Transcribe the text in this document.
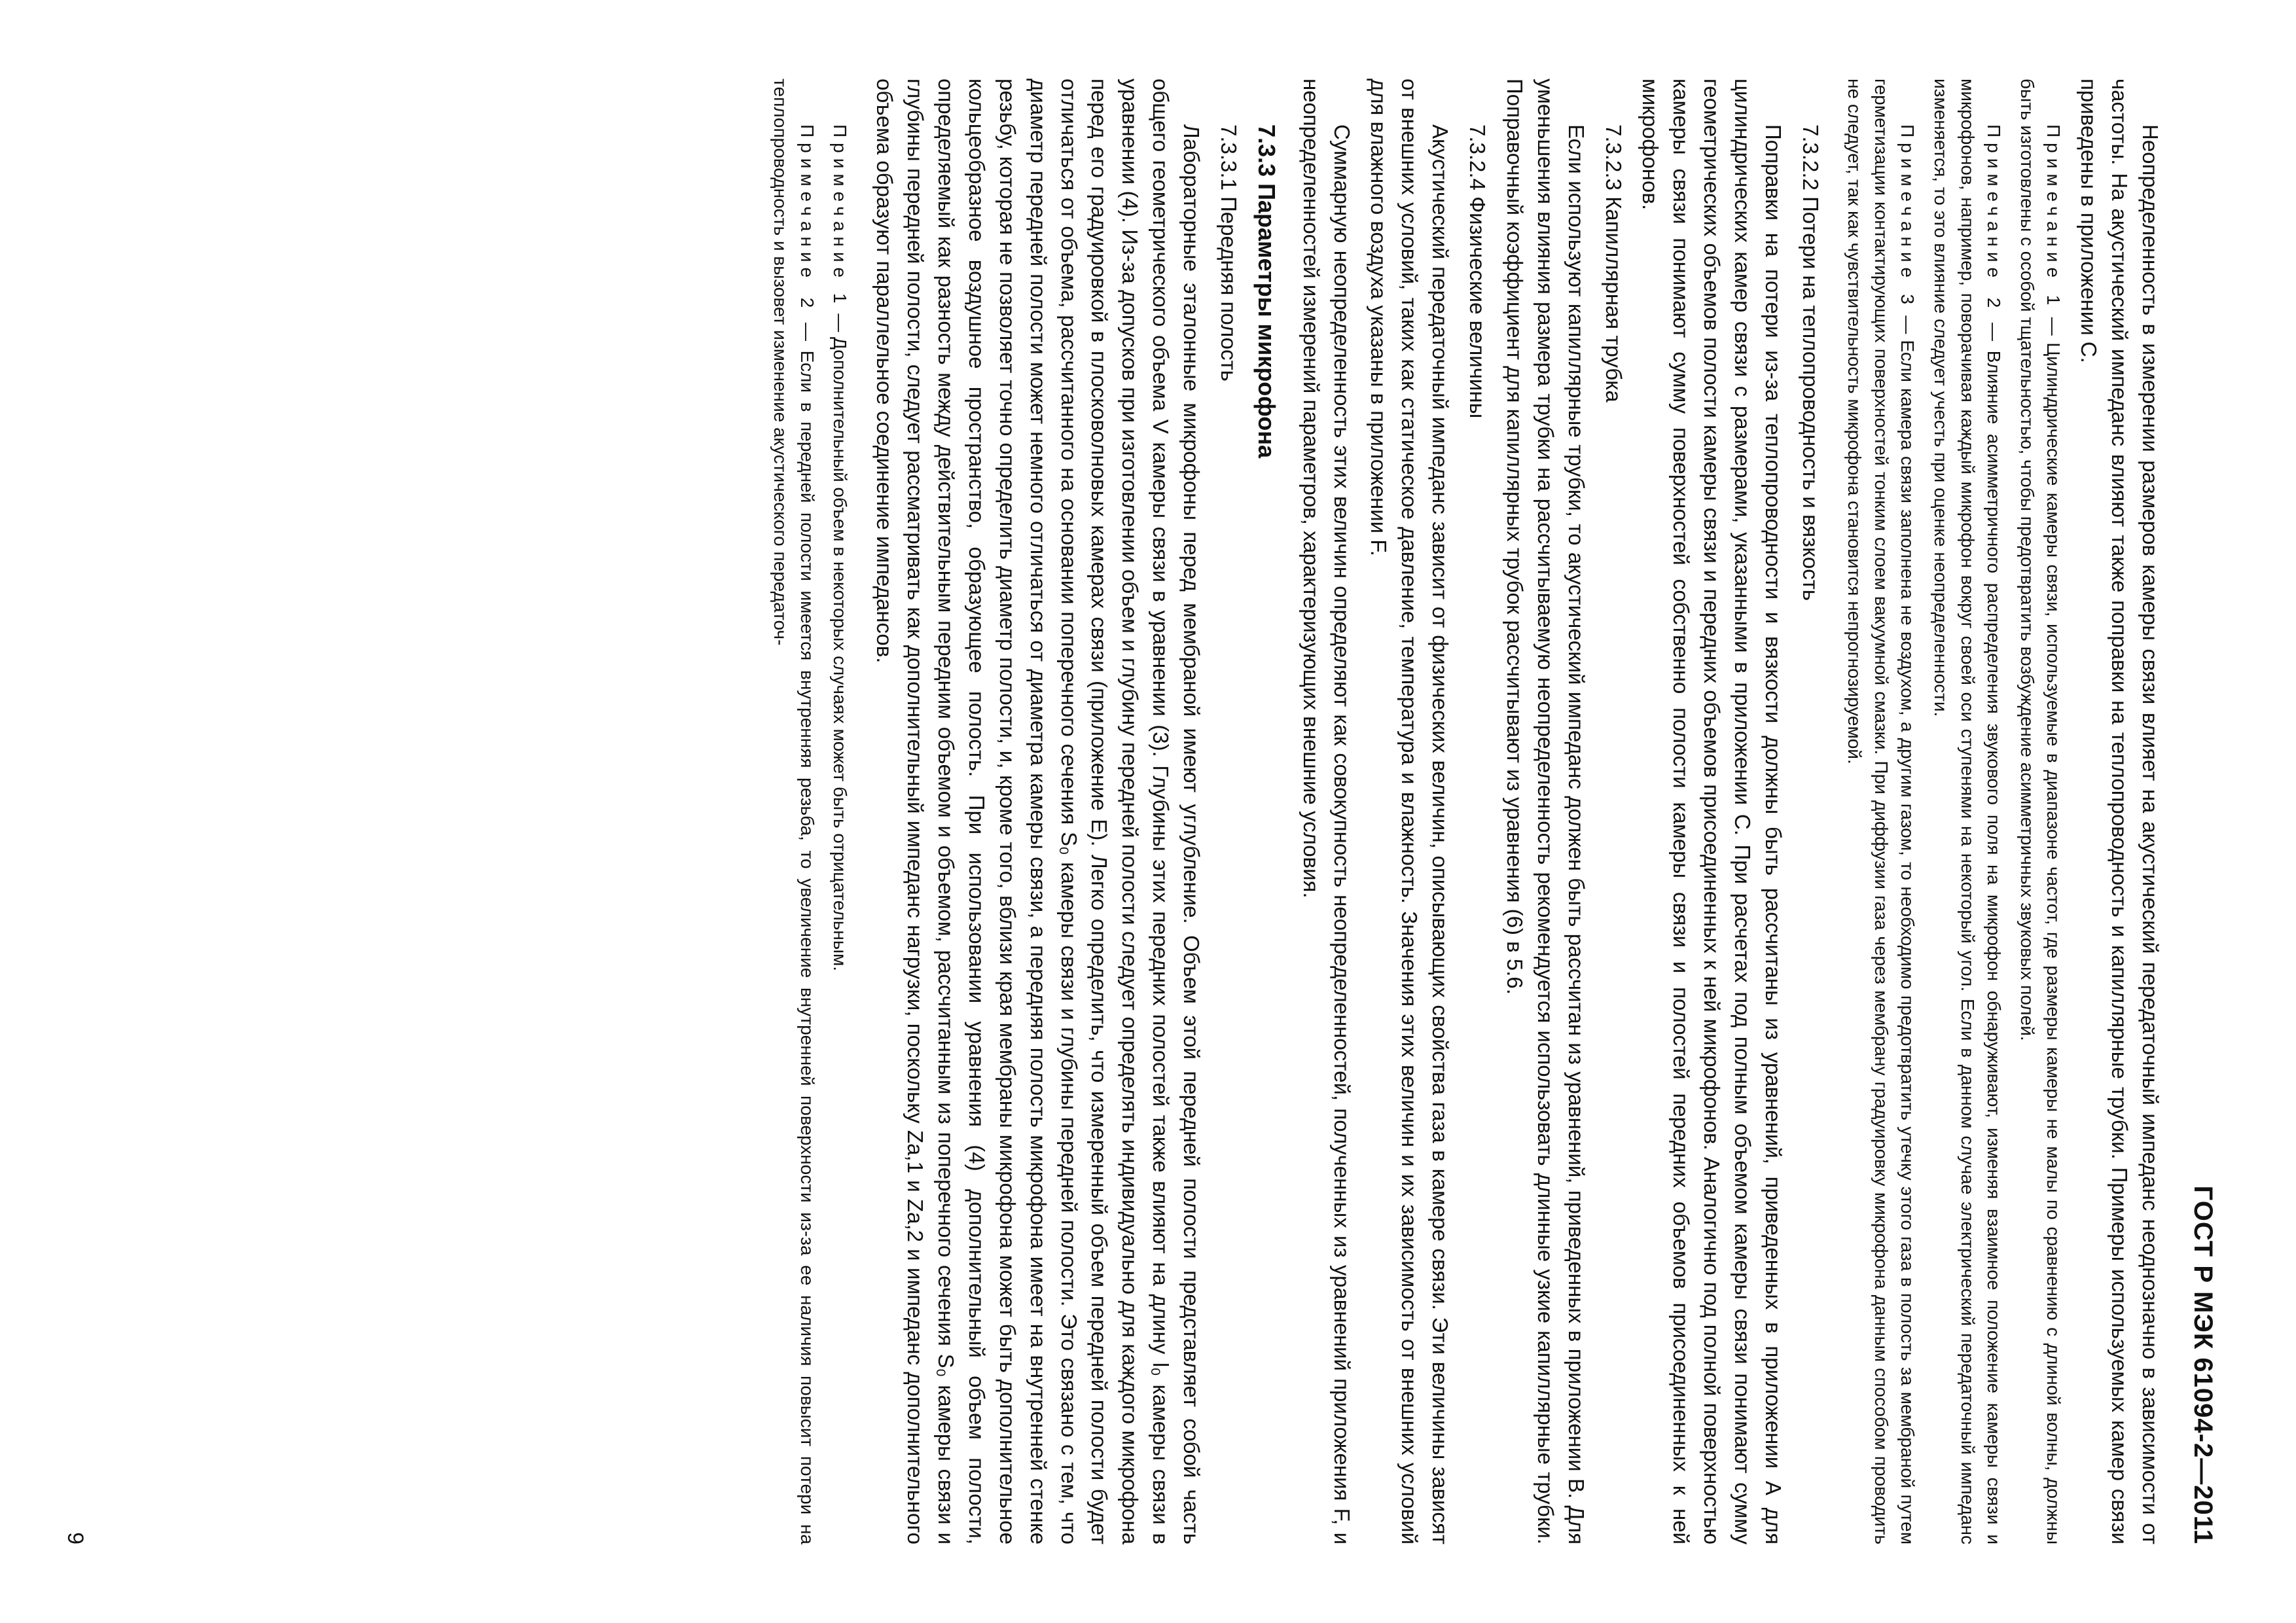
ГОСТ Р МЭК 61094-2—2011

Неопределенность в измерении размеров камеры связи влияет на акустический передаточный импеданс неоднозначно в зависимости от частоты. На акустический импеданс влияют также поправки на теплопроводность и капиллярные трубки. Примеры используемых камер связи приведены в приложении С.

Примечание 1 — Цилиндрические камеры связи, используемые в диапазоне частот, где размеры камеры не малы по сравнению с длиной волны, должны быть изготовлены с особой тщательностью, чтобы предотвратить возбуждение асимметричных звуковых полей.

Примечание 2 — Влияние асимметричного распределения звукового поля на микрофон обнаруживают, изменяя взаимное положение камеры связи и микрофонов, например, поворачивая каждый микрофон вокруг своей оси ступенями на некоторый угол. Если в данном случае электрический передаточный импеданс изменяется, то это влияние следует учесть при оценке неопределенности.

Примечание 3 — Если камера связи заполнена не воздухом, а другим газом, то необходимо предотвратить утечку этого газа в полость за мембраной путем герметизации контактирующих поверхностей тонким слоем вакуумной смазки. При диффузии газа через мембрану градуировку микрофона данным способом проводить не следует, так как чувствительность микрофона становится непрогнозируемой.

7.3.2.2 Потери на теплопроводность и вязкость

Поправки на потери из-за теплопроводности и вязкости должны быть рассчитаны из уравнений, приведенных в приложении А для цилиндрических камер связи с размерами, указанными в приложении С. При расчетах под полным объемом камеры связи понимают сумму геометрических объемов полости камеры связи и передних объемов присоединенных к ней микрофонов. Аналогично под полной поверхностью камеры связи понимают сумму поверхностей собственно полости камеры связи и полостей передних объемов присоединенных к ней микрофонов.

7.3.2.3 Капиллярная трубка

Если используют капиллярные трубки, то акустический импеданс должен быть рассчитан из уравнений, приведенных в приложении В. Для уменьшения влияния размера трубки на рассчитываемую неопределенность рекомендуется использовать длинные узкие капиллярные трубки. Поправочный коэффициент для капиллярных трубок рассчитывают из уравнения (6) в 5.6.

7.3.2.4 Физические величины

Акустический передаточный импеданс зависит от физических величин, описывающих свойства газа в камере связи. Эти величины зависят от внешних условий, таких как статическое давление, температура и влажность. Значения этих величин и их зависимость от внешних условий для влажного воздуха указаны в приложении F.

Суммарную неопределенность этих величин определяют как совокупность неопределенностей, полученных из уравнений приложения F, и неопределенностей измерений параметров, характеризующих внешние условия.

7.3.3 Параметры микрофона

7.3.3.1 Передняя полость

Лабораторные эталонные микрофоны перед мембраной имеют углубление. Объем этой передней полости представляет собой часть общего геометрического объема V камеры связи в уравнении (3). Глубины этих передних полостей также влияют на длину l₀ камеры связи в уравнении (4). Из-за допусков при изготовлении объем и глубину передней полости следует определять индивидуально для каждого микрофона перед его градуировкой в плосковолновых камерах связи (приложение Е). Легко определить, что измеренный объем передней полости будет отличаться от объема, рассчитанного на основании поперечного сечения S₀ камеры связи и глубины передней полости. Это связано с тем, что диаметр передней полости может немного отличаться от диаметра камеры связи, а передняя полость микрофона имеет на внутренней стенке резьбу, которая не позволяет точно определить диаметр полости, и, кроме того, вблизи края мембраны микрофона может быть дополнительное кольцеобразное воздушное пространство, образующее полость. При использовании уравнения (4) дополнительный объем полости, определяемый как разность между действительным передним объемом и объемом, рассчитанным из поперечного сечения S₀ камеры связи и глубины передней полости, следует рассматривать как дополнительный импеданс нагрузки, поскольку Za,1 и Za,2 и импеданс дополнительного объема образуют параллельное соединение импедансов.

Примечание 1 — Дополнительный объем в некоторых случаях может быть отрицательным.

Примечание 2 — Если в передней полости имеется внутренняя резьба, то увеличение внутренней поверхности из-за ее наличия повысит потери на теплопроводность и вызовет изменение акустического передаточ-

9
